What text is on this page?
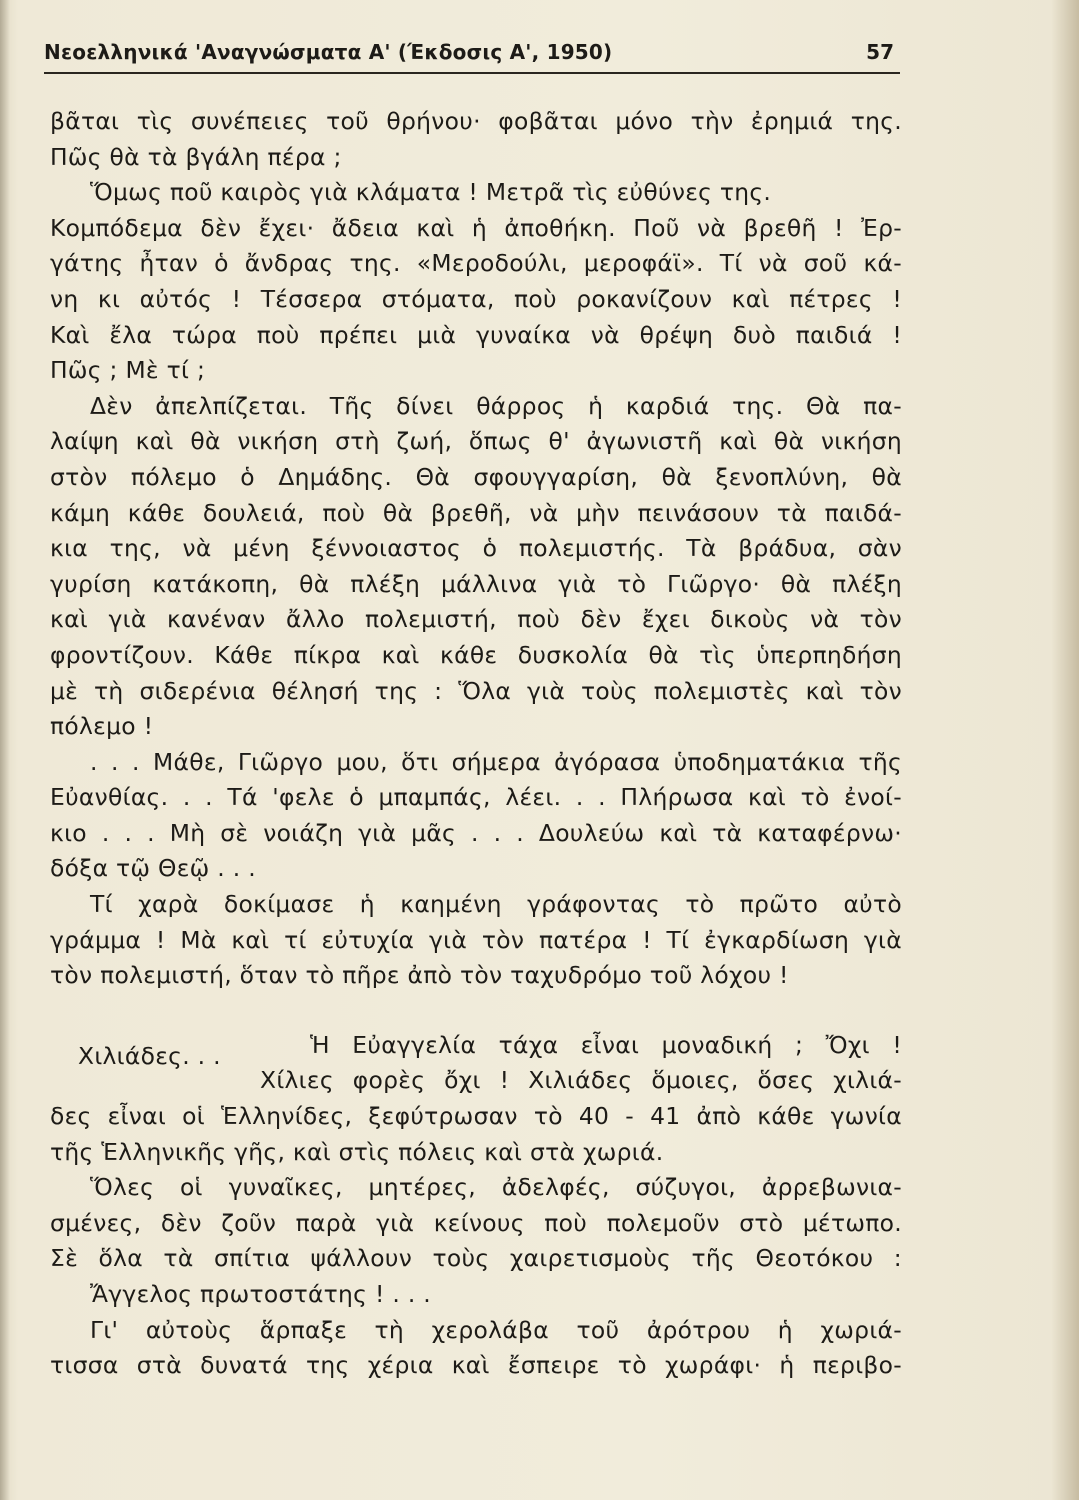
Νεοελληνικά 'Αναγνώσματα Α' (Έκδοσις Α', 1950)	57
βᾶται τὶς συνέπειες τοῦ θρήνου· φοβᾶται μόνο τὴν ἐρημιά της.
Πῶς θὰ τὰ βγάλη πέρα ;
Ὅμως ποῦ καιρὸς γιὰ κλάματα ! Μετρᾶ τὶς εὐθύνες της.
Κομπόδεμα δὲν ἔχει· ἄδεια καὶ ἡ ἀποθήκη. Ποῦ νὰ βρεθῆ ! Ἐρ-
γάτης ἦταν ὁ ἄνδρας της. «Μεροδούλι, μεροφάϊ». Τί νὰ σοῦ κά-
νη κι αὐτός ! Τέσσερα στόματα, ποὺ ροκανίζουν καὶ πέτρες !
Καὶ ἔλα τώρα ποὺ πρέπει μιὰ γυναίκα νὰ θρέψη δυὸ παιδιά !
Πῶς ; Μὲ τί ;
Δὲν ἀπελπίζεται. Τῆς δίνει θάρρος ἡ καρδιά της. Θὰ πα-
λαίψη καὶ θὰ νικήση στὴ ζωή, ὅπως θ' ἀγωνιστῆ καὶ θὰ νικήση
στὸν πόλεμο ὁ Δημάδης. Θὰ σφουγγαρίση, θὰ ξενοπλύνη, θὰ
κάμη κάθε δουλειά, ποὺ θὰ βρεθῆ, νὰ μὴν πεινάσουν τὰ παιδά-
κια της, νὰ μένη ξέννοιαστος ὁ πολεμιστής. Τὰ βράδυα, σὰν
γυρίση κατάκοπη, θὰ πλέξη μάλλινα γιὰ τὸ Γιῶργο· θὰ πλέξη
καὶ γιὰ κανέναν ἄλλο πολεμιστή, ποὺ δὲν ἔχει δικοὺς νὰ τὸν
φροντίζουν. Κάθε πίκρα καὶ κάθε δυσκολία θὰ τὶς ὑπερπηδήση
μὲ τὴ σιδερένια θέλησή της : Ὅλα γιὰ τοὺς πολεμιστὲς καὶ τὸν
πόλεμο !
. . . Μάθε, Γιῶργο μου, ὅτι σήμερα ἀγόρασα ὑποδηματάκια τῆς
Εὐανθίας. . . Τά 'φελε ὁ μπαμπάς, λέει. . . Πλήρωσα καὶ τὸ ἐνοί-
κιο . . . Μὴ σὲ νοιάζη γιὰ μᾶς . . . Δουλεύω καὶ τὰ καταφέρνω·
δόξα τῷ Θεῷ . . .
Τί χαρὰ δοκίμασε ἡ καημένη γράφοντας τὸ πρῶτο αὐτὸ
γράμμα ! Μὰ καὶ τί εὐτυχία γιὰ τὸν πατέρα ! Τί ἐγκαρδίωση γιὰ
τὸν πολεμιστή, ὅταν τὸ πῆρε ἀπὸ τὸν ταχυδρόμο τοῦ λόχου !
Χιλιάδες. . .	Ἡ Εὐαγγελία τάχα εἶναι μοναδική ; Ὄχι !
Χίλιες φορὲς ὄχι ! Χιλιάδες ὅμοιες, ὅσες χιλιά-
δες εἶναι οἱ Ἑλληνίδες, ξεφύτρωσαν τὸ 40 - 41 ἀπὸ κάθε γωνία
τῆς Ἑλληνικῆς γῆς, καὶ στὶς πόλεις καὶ στὰ χωριά.
Ὅλες οἱ γυναῖκες, μητέρες, ἀδελφές, σύζυγοι, ἀρρεβωνια-
σμένες, δὲν ζοῦν παρὰ γιὰ κείνους ποὺ πολεμοῦν στὸ μέτωπο.
Σὲ ὅλα τὰ σπίτια ψάλλουν τοὺς χαιρετισμοὺς τῆς Θεοτόκου :
Ἄγγελος πρωτοστάτης ! . . .
Γι' αὐτοὺς ἅρπαξε τὴ χερολάβα τοῦ ἀρότρου ἡ χωριά-
τισσα στὰ δυνατά της χέρια καὶ ἔσπειρε τὸ χωράφι· ἡ περιβο-
